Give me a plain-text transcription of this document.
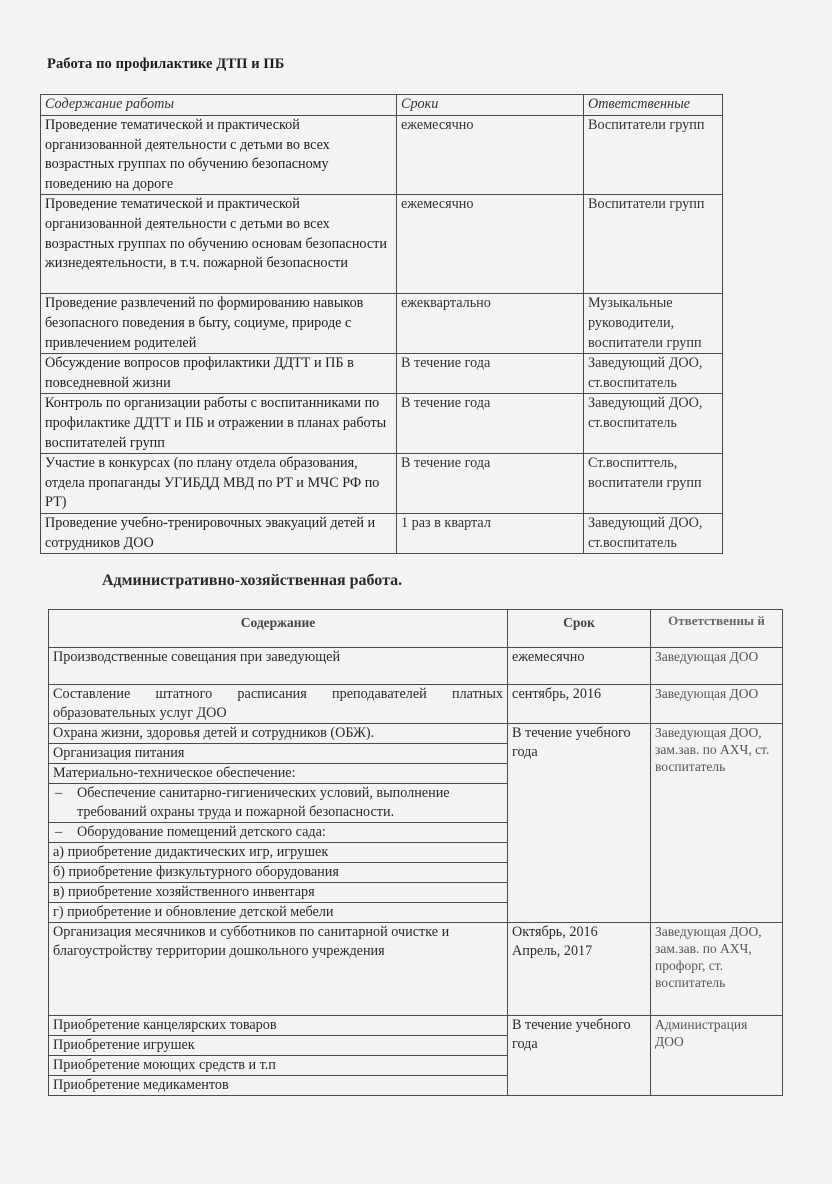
Работа по профилактике ДТП и ПБ
Содержание работы	Сроки	Ответственные
Проведение тематической и практической организованной деятельности с детьми во всех возрастных группах по обучению безопасному поведению на дороге	ежемесячно	Воспитатели групп
Проведение тематической и практической организованной деятельности с детьми во всех возрастных группах по обучению основам безопасности жизнедеятельности, в т.ч. пожарной безопасности	ежемесячно	Воспитатели групп
Проведение развлечений по формированию навыков безопасного поведения в быту, социуме, природе с привлечением родителей	ежеквартально	Музыкальные руководители, воспитатели групп
Обсуждение вопросов профилактики ДДТТ и ПБ в повседневной жизни	В течение года	Заведующий ДОО, ст.воспитатель
Контроль по организации работы с воспитанниками по профилактике ДДТТ и ПБ и отражении в планах работы воспитателей групп	В течение года	Заведующий ДОО, ст.воспитатель
Участие в конкурсах (по плану отдела образования, отдела пропаганды УГИБДД МВД по РТ и МЧС РФ по РТ)	В течение года	Ст.воспиттель, воспитатели групп
Проведение учебно-тренировочных эвакуаций детей и сотрудников ДОО	1 раз в квартал	Заведующий ДОО, ст.воспитатель
Административно-хозяйственная работа.
Содержание	Срок	Ответственны й
Производственные совещания при заведующей	ежемесячно	Заведующая ДОО
Составление штатного расписания преподавателей платных образовательных услуг ДОО	сентябрь, 2016	Заведующая ДОО
Охрана жизни, здоровья детей и сотрудников (ОБЖ).	В течение учебного года	Заведующая ДОО, зам.зав. по АХЧ, ст. воспитатель
Организация питания		
Материально-техническое обеспечение:		

– Обеспечение санитарно-гигиенических условий, выполнение требований охраны труда и пожарной безопасности.		

– Оборудование помещений детского сада:		

а) приобретение дидактических игр, игрушек		
б) приобретение физкультурного оборудования		
в) приобретение хозяйственного инвентаря		
г) приобретение и обновление детской мебели		
Организация месячников и субботников по санитарной очистке и благоустройству территории дошкольного учреждения	Октябрь, 2016 Апрель, 2017	Заведующая ДОО, зам.зав. по АХЧ, профорг, ст. воспитатель
Приобретение канцелярских товаров	В течение учебного года	Администрация ДОО
Приобретение игрушек		
Приобретение моющих средств и т.п		
Приобретение медикаментов		
